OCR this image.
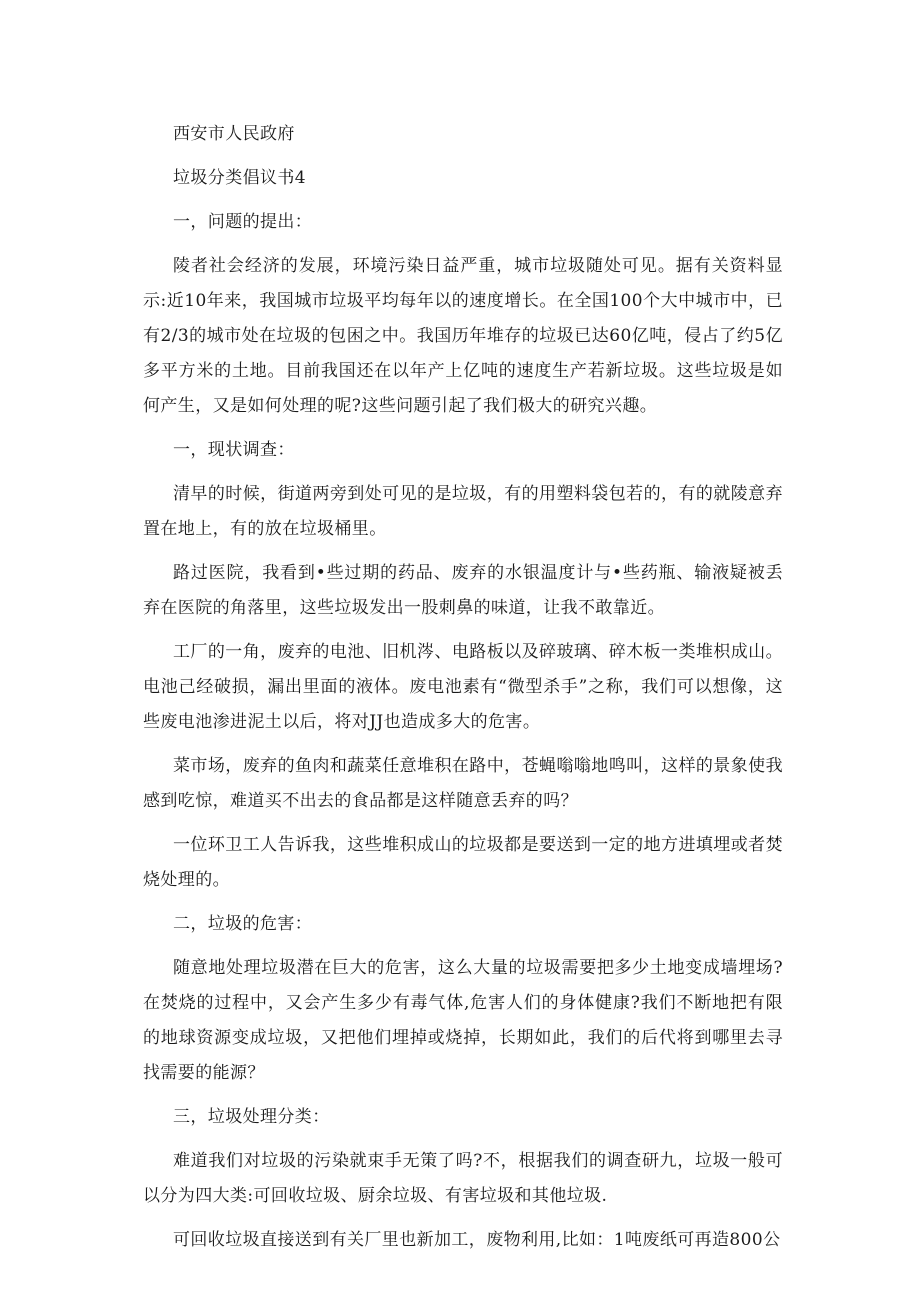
西安市人民政府

垃圾分类倡议书4

一，问题的提出：

陵者社会经济的发展，环境污染日益严重，城市垃圾随处可见。据有关资料显示:近10年来，我国城市垃圾平均每年以的速度增长。在全国100个大中城市中，已有2/3的城市处在垃圾的包困之中。我国历年堆存的垃圾已达60亿吨，侵占了约5亿多平方米的土地。目前我国还在以年产上亿吨的速度生产若新垃圾。这些垃圾是如何产生，又是如何处理的呢?这些问题引起了我们极大的研究兴趣。

一，现状调查：

清早的时候，街道两旁到处可见的是垃圾，有的用塑料袋包若的，有的就陵意弃置在地上，有的放在垃圾桶里。

路过医院，我看到•些过期的药品、废弃的水银温度计与•些药瓶、输液疑被丢弃在医院的角落里，这些垃圾发出一股刺鼻的味道，让我不敢靠近。

工厂的一角，废弃的电池、旧机涔、电路板以及碎玻璃、碎木板一类堆枳成山。电池己经破损，漏出里面的液体。废电池素有“微型杀手”之称，我们可以想像，这些废电池渗进泥土以后，将对JJ也造成多大的危害。

菜市场，废弃的鱼肉和蔬菜任意堆积在路中，苍蝇嗡嗡地鸣叫，这样的景象使我感到吃惊，难道买不出去的食品都是这样随意丢弃的吗？

一位环卫工人告诉我，这些堆积成山的垃圾都是要送到一定的地方进填埋或者焚烧处理的。

二，垃圾的危害：

随意地处理垃圾潜在巨大的危害，这么大量的垃圾需要把多少土地变成墙埋场?在焚烧的过程中，又会产生多少有毒气体,危害人们的身体健康?我们不断地把有限的地球资源变成垃圾，又把他们埋掉或烧掉，长期如此，我们的后代将到哪里去寻找需要的能源？

三，垃圾处理分类：

难道我们对垃圾的污染就束手无策了吗?不，根据我们的调查研九，垃圾一般可以分为四大类:可回收垃圾、厨余垃圾、有害垃圾和其他垃圾.

可回收垃圾直接送到有关厂里也新加工，废物利用,比如：1吨废纸可再造800公
